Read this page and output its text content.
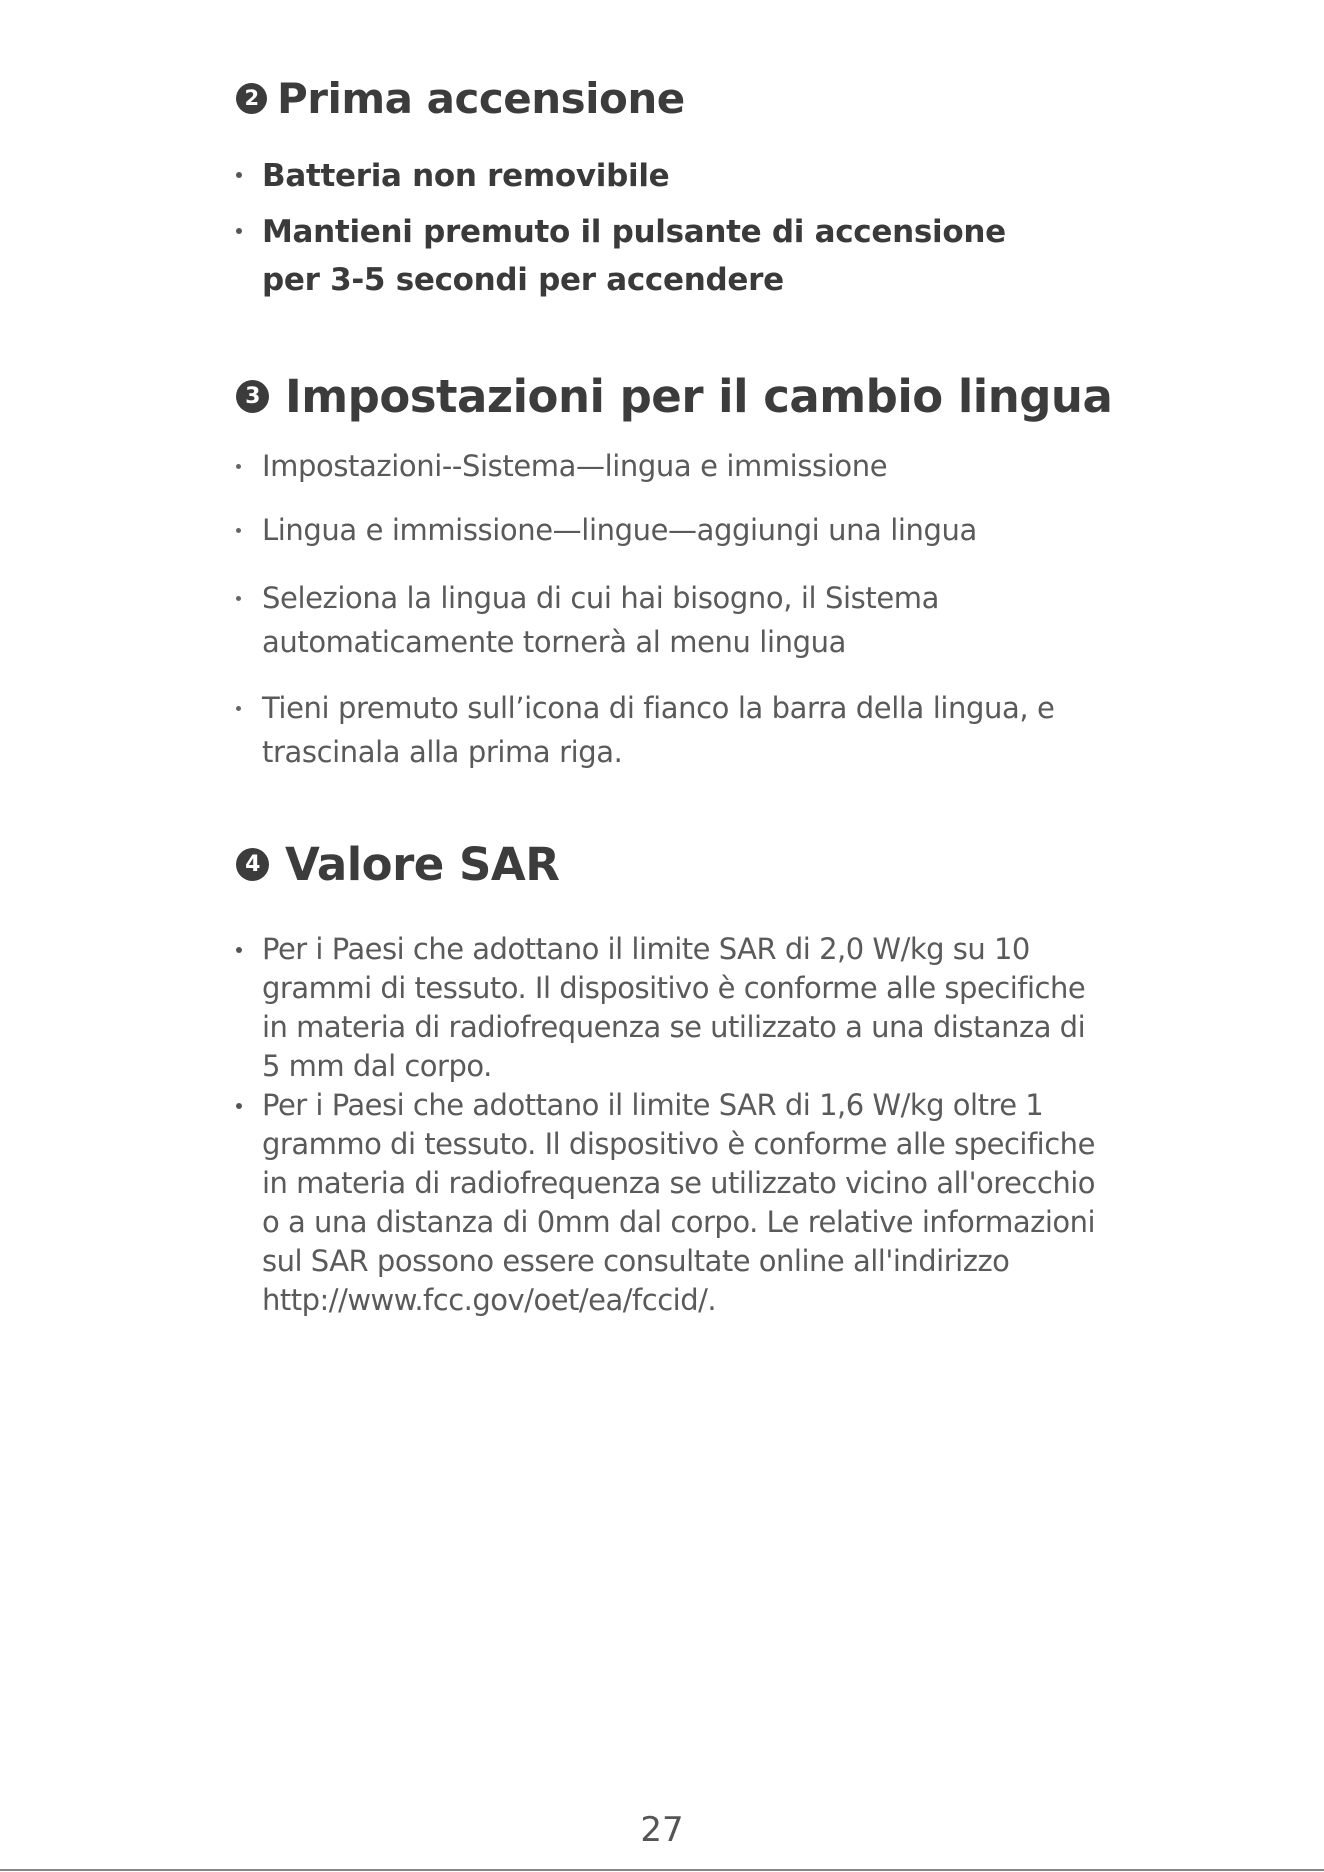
2 Prima accensione
Batteria non removibile
Mantieni premuto il pulsante di accensione
per 3-5 secondi per accendere
3 Impostazioni per il cambio lingua
Impostazioni--Sistema—lingua e immissione
Lingua e immissione—lingue—aggiungi una lingua
Seleziona la lingua di cui hai bisogno, il Sistema
automaticamente tornerà al menu lingua
Tieni premuto sull’icona di fianco la barra della lingua, e
trascinala alla prima riga.
4 Valore SAR
Per i Paesi che adottano il limite SAR di 2,0 W/kg su 10
grammi di tessuto. Il dispositivo è conforme alle specifiche
in materia di radiofrequenza se utilizzato a una distanza di
5 mm dal corpo.
Per i Paesi che adottano il limite SAR di 1,6 W/kg oltre 1
grammo di tessuto. Il dispositivo è conforme alle specifiche
in materia di radiofrequenza se utilizzato vicino all'orecchio
o a una distanza di 0mm dal corpo. Le relative informazioni
sul SAR possono essere consultate online all'indirizzo
http://www.fcc.gov/oet/ea/fccid/.
27
